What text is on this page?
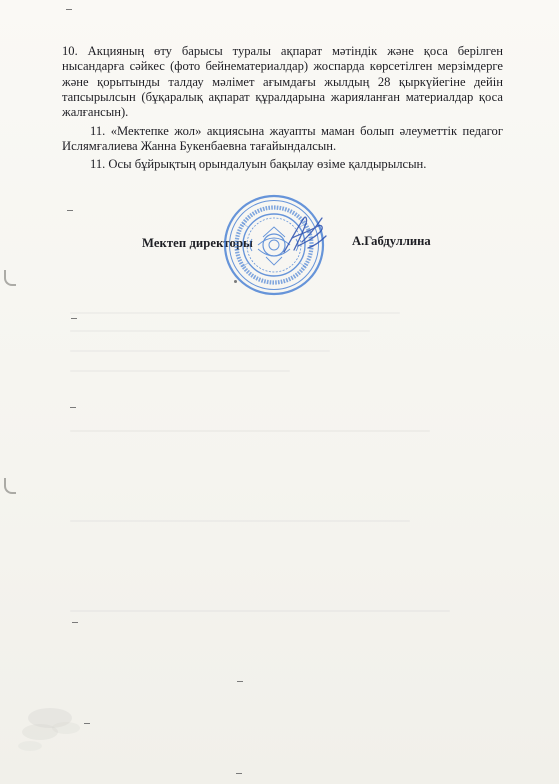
10. Акцияның өту барысы туралы ақпарат мәтіндік және қоса берілген нысандарға сәйкес (фото бейнематериалдар) жоспарда көрсетілген мерзімдерге және қорытынды талдау мәлімет ағымдағы жылдың 28 қыркүйегіне дейін тапсырылсын (бұқаралық ақпарат құралдарына жарияланған материалдар қоса жалғансын).

11. «Мектепке жол» акциясына жауапты маман болып әлеуметтік педагог Ислямғалиева Жанна Букенбаевна тағайындалсын.

11. Осы бұйрықтың орындалуын бақылау өзіме қалдырылсын.

Мектеп директоры	А.Габдуллина
